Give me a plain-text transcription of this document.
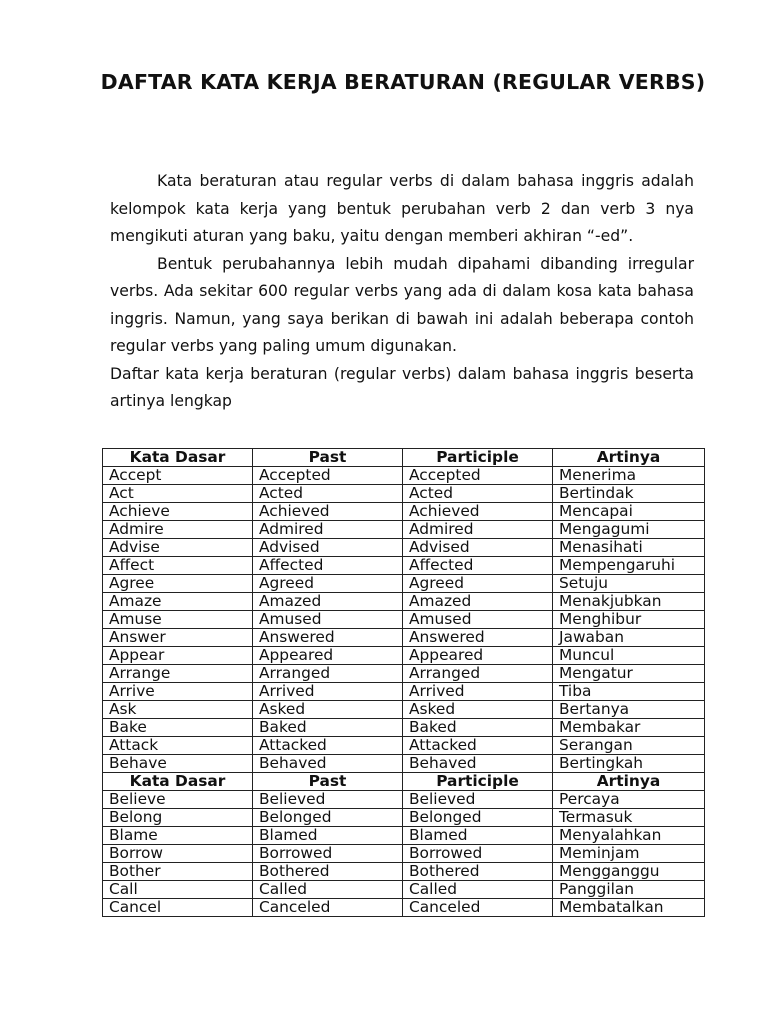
DAFTAR KATA KERJA BERATURAN (REGULAR VERBS)

Kata beraturan atau regular verbs di dalam bahasa inggris adalah kelompok kata kerja yang bentuk perubahan verb 2 dan verb 3 nya mengikuti aturan yang baku, yaitu dengan memberi akhiran “-ed”.

Bentuk perubahannya lebih mudah dipahami dibanding irregular verbs. Ada sekitar 600 regular verbs yang ada di dalam kosa kata bahasa inggris. Namun, yang saya berikan di bawah ini adalah beberapa contoh regular verbs yang paling umum digunakan.

Daftar kata kerja beraturan (regular verbs) dalam bahasa inggris beserta artinya lengkap

Kata Dasar	Past	Participle	Artinya
Accept	Accepted	Accepted	Menerima
Act	Acted	Acted	Bertindak
Achieve	Achieved	Achieved	Mencapai
Admire	Admired	Admired	Mengagumi
Advise	Advised	Advised	Menasihati
Affect	Affected	Affected	Mempengaruhi
Agree	Agreed	Agreed	Setuju
Amaze	Amazed	Amazed	Menakjubkan
Amuse	Amused	Amused	Menghibur
Answer	Answered	Answered	Jawaban
Appear	Appeared	Appeared	Muncul
Arrange	Arranged	Arranged	Mengatur
Arrive	Arrived	Arrived	Tiba
Ask	Asked	Asked	Bertanya
Bake	Baked	Baked	Membakar
Attack	Attacked	Attacked	Serangan
Behave	Behaved	Behaved	Bertingkah
Kata Dasar	Past	Participle	Artinya
Believe	Believed	Believed	Percaya
Belong	Belonged	Belonged	Termasuk
Blame	Blamed	Blamed	Menyalahkan
Borrow	Borrowed	Borrowed	Meminjam
Bother	Bothered	Bothered	Mengganggu
Call	Called	Called	Panggilan
Cancel	Canceled	Canceled	Membatalkan
